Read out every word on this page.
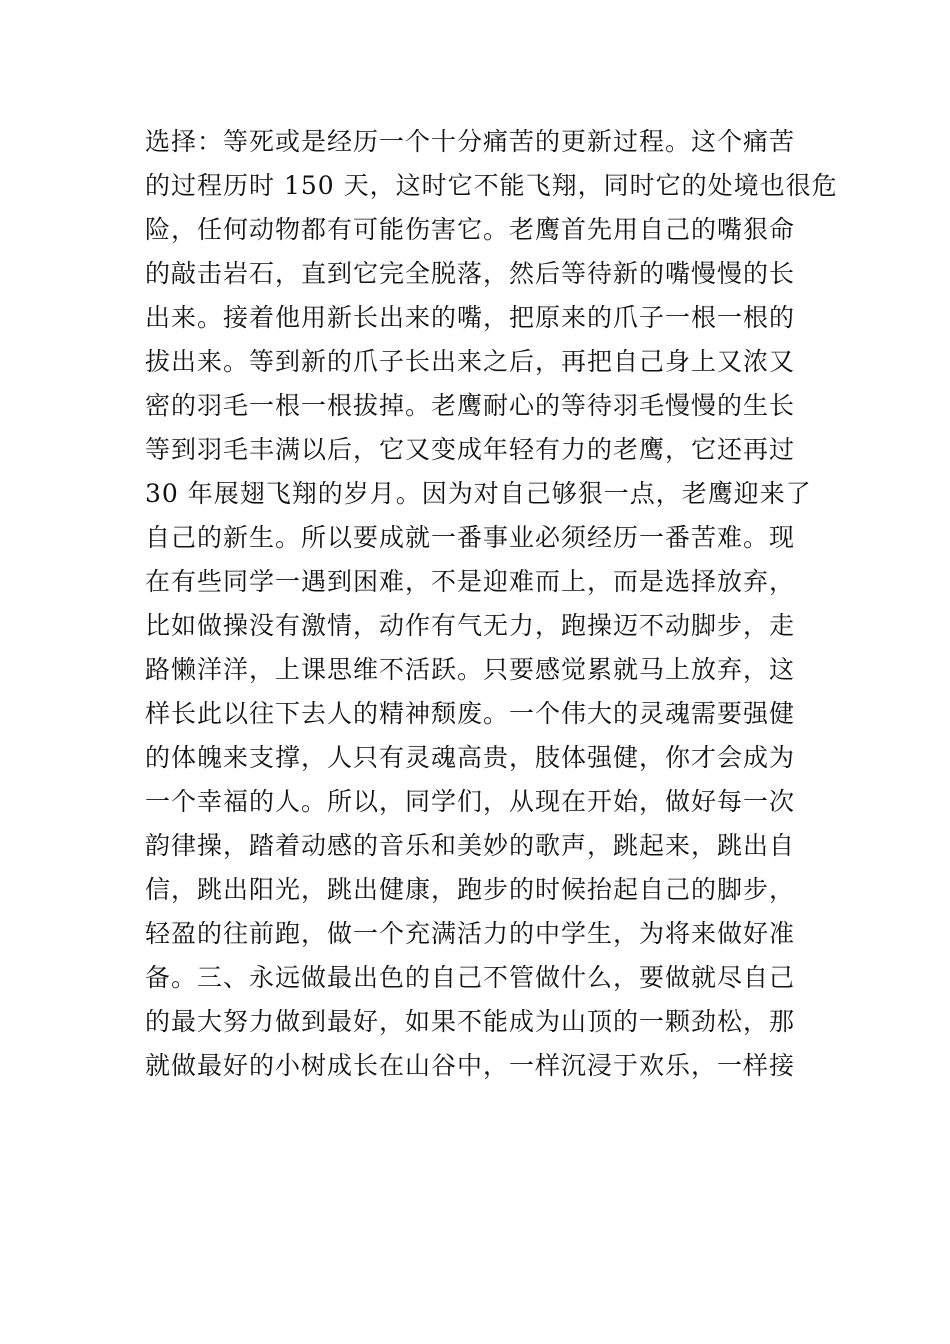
选择：等死或是经历一个十分痛苦的更新过程。这个痛苦
的过程历时 150 天，这时它不能飞翔，同时它的处境也很危
险，任何动物都有可能伤害它。老鹰首先用自己的嘴狠命
的敲击岩石，直到它完全脱落，然后等待新的嘴慢慢的长
出来。接着他用新长出来的嘴，把原来的爪子一根一根的
拔出来。等到新的爪子长出来之后，再把自己身上又浓又
密的羽毛一根一根拔掉。老鹰耐心的等待羽毛慢慢的生长
等到羽毛丰满以后，它又变成年轻有力的老鹰，它还再过
30 年展翅飞翔的岁月。因为对自己够狠一点，老鹰迎来了
自己的新生。所以要成就一番事业必须经历一番苦难。现
在有些同学一遇到困难，不是迎难而上，而是选择放弃，
比如做操没有激情，动作有气无力，跑操迈不动脚步，走
路懒洋洋，上课思维不活跃。只要感觉累就马上放弃，这
样长此以往下去人的精神颓废。一个伟大的灵魂需要强健
的体魄来支撑，人只有灵魂高贵，肢体强健，你才会成为
一个幸福的人。所以，同学们，从现在开始，做好每一次
韵律操，踏着动感的音乐和美妙的歌声，跳起来，跳出自
信，跳出阳光，跳出健康，跑步的时候抬起自己的脚步，
轻盈的往前跑，做一个充满活力的中学生，为将来做好准
备。三、永远做最出色的自己不管做什么，要做就尽自己
的最大努力做到最好，如果不能成为山顶的一颗劲松，那
就做最好的小树成长在山谷中，一样沉浸于欢乐，一样接
